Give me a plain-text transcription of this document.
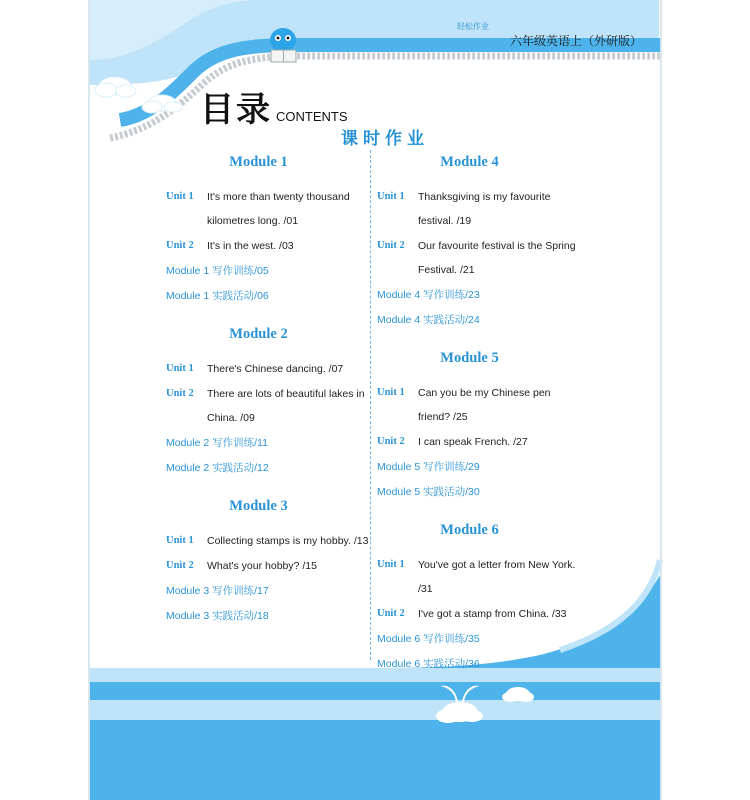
轻松作业
六年级英语上（外研版）
目录 CONTENTS
课时作业
Module 1
Unit 1	It's more than twenty thousand kilometres long. /01
Unit 2	It's in the west. /03
Module 1 写作训练/05
Module 1 实践活动/06
Module 2
Unit 1	There's Chinese dancing. /07
Unit 2	There are lots of beautiful lakes in China. /09
Module 2 写作训练/11
Module 2 实践活动/12
Module 3
Unit 1	Collecting stamps is my hobby. /13
Unit 2	What's your hobby? /15
Module 3 写作训练/17
Module 3 实践活动/18
Module 4
Unit 1	Thanksgiving is my favourite festival. /19
Unit 2	Our favourite festival is the Spring Festival. /21
Module 4 写作训练/23
Module 4 实践活动/24
Module 5
Unit 1	Can you be my Chinese pen friend? /25
Unit 2	I can speak French. /27
Module 5 写作训练/29
Module 5 实践活动/30
Module 6
Unit 1	You've got a letter from New York. /31
Unit 2	I've got a stamp from China. /33
Module 6 写作训练/35
Module 6 实践活动/36
